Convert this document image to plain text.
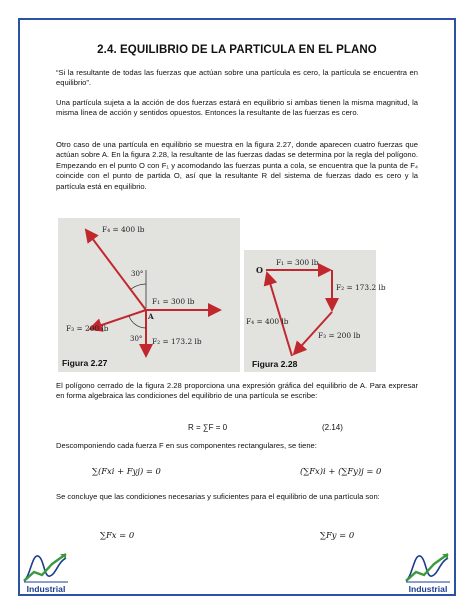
2.4. EQUILIBRIO DE LA PARTICULA EN EL PLANO

“Si la resultante de todas las fuerzas que actúan sobre una partícula es cero, la partícula se encuentra en equilibrio”.

Una partícula sujeta a la acción de dos fuerzas estará en equilibrio si ambas tienen la misma magnitud, la misma línea de acción y sentidos opuestos. Entonces la resultante de las fuerzas es cero.

Otro caso de una partícula en equilibrio se muestra en la figura 2.27, donde aparecen cuatro fuerzas que actúan sobre A. En la figura 2.28, la resultante de las fuerzas dadas se determina por la regla del polígono. Empezando en el punto O con F₁ y acomodando las fuerzas punta a cola, se encuentra que la punta de F₄ coincide con el punto de partida O, así que la resultante R del sistema de fuerzas dado es cero y la partícula está en equilibrio.

F₄ = 400 lb
F₁ = 300 lb
F₃ = 200 lb
F₂ = 173.2 lb
30°
30°
A
Figura 2.27
O
F₁ = 300 lb
F₂ = 173.2 lb
F₃ = 200 lb
F₄ = 400 lb
Figura 2.28

El polígono cerrado de la figura 2.28 proporciona una expresión gráfica del equilibrio de A. Para expresar en forma algebraica las condiciones del equilibrio de una partícula se escribe:

R = ∑F = 0	(2.14)

Descomponiendo cada fuerza F en sus componentes rectangulares, se tiene:

∑(Fxi + Fyj) = 0	(∑Fx)i + (∑Fy)j = 0

Se concluye que las condiciones necesarias y suficientes para el equilibrio de una partícula son:

∑Fx = 0	∑Fy = 0
Industrial	Industrial
